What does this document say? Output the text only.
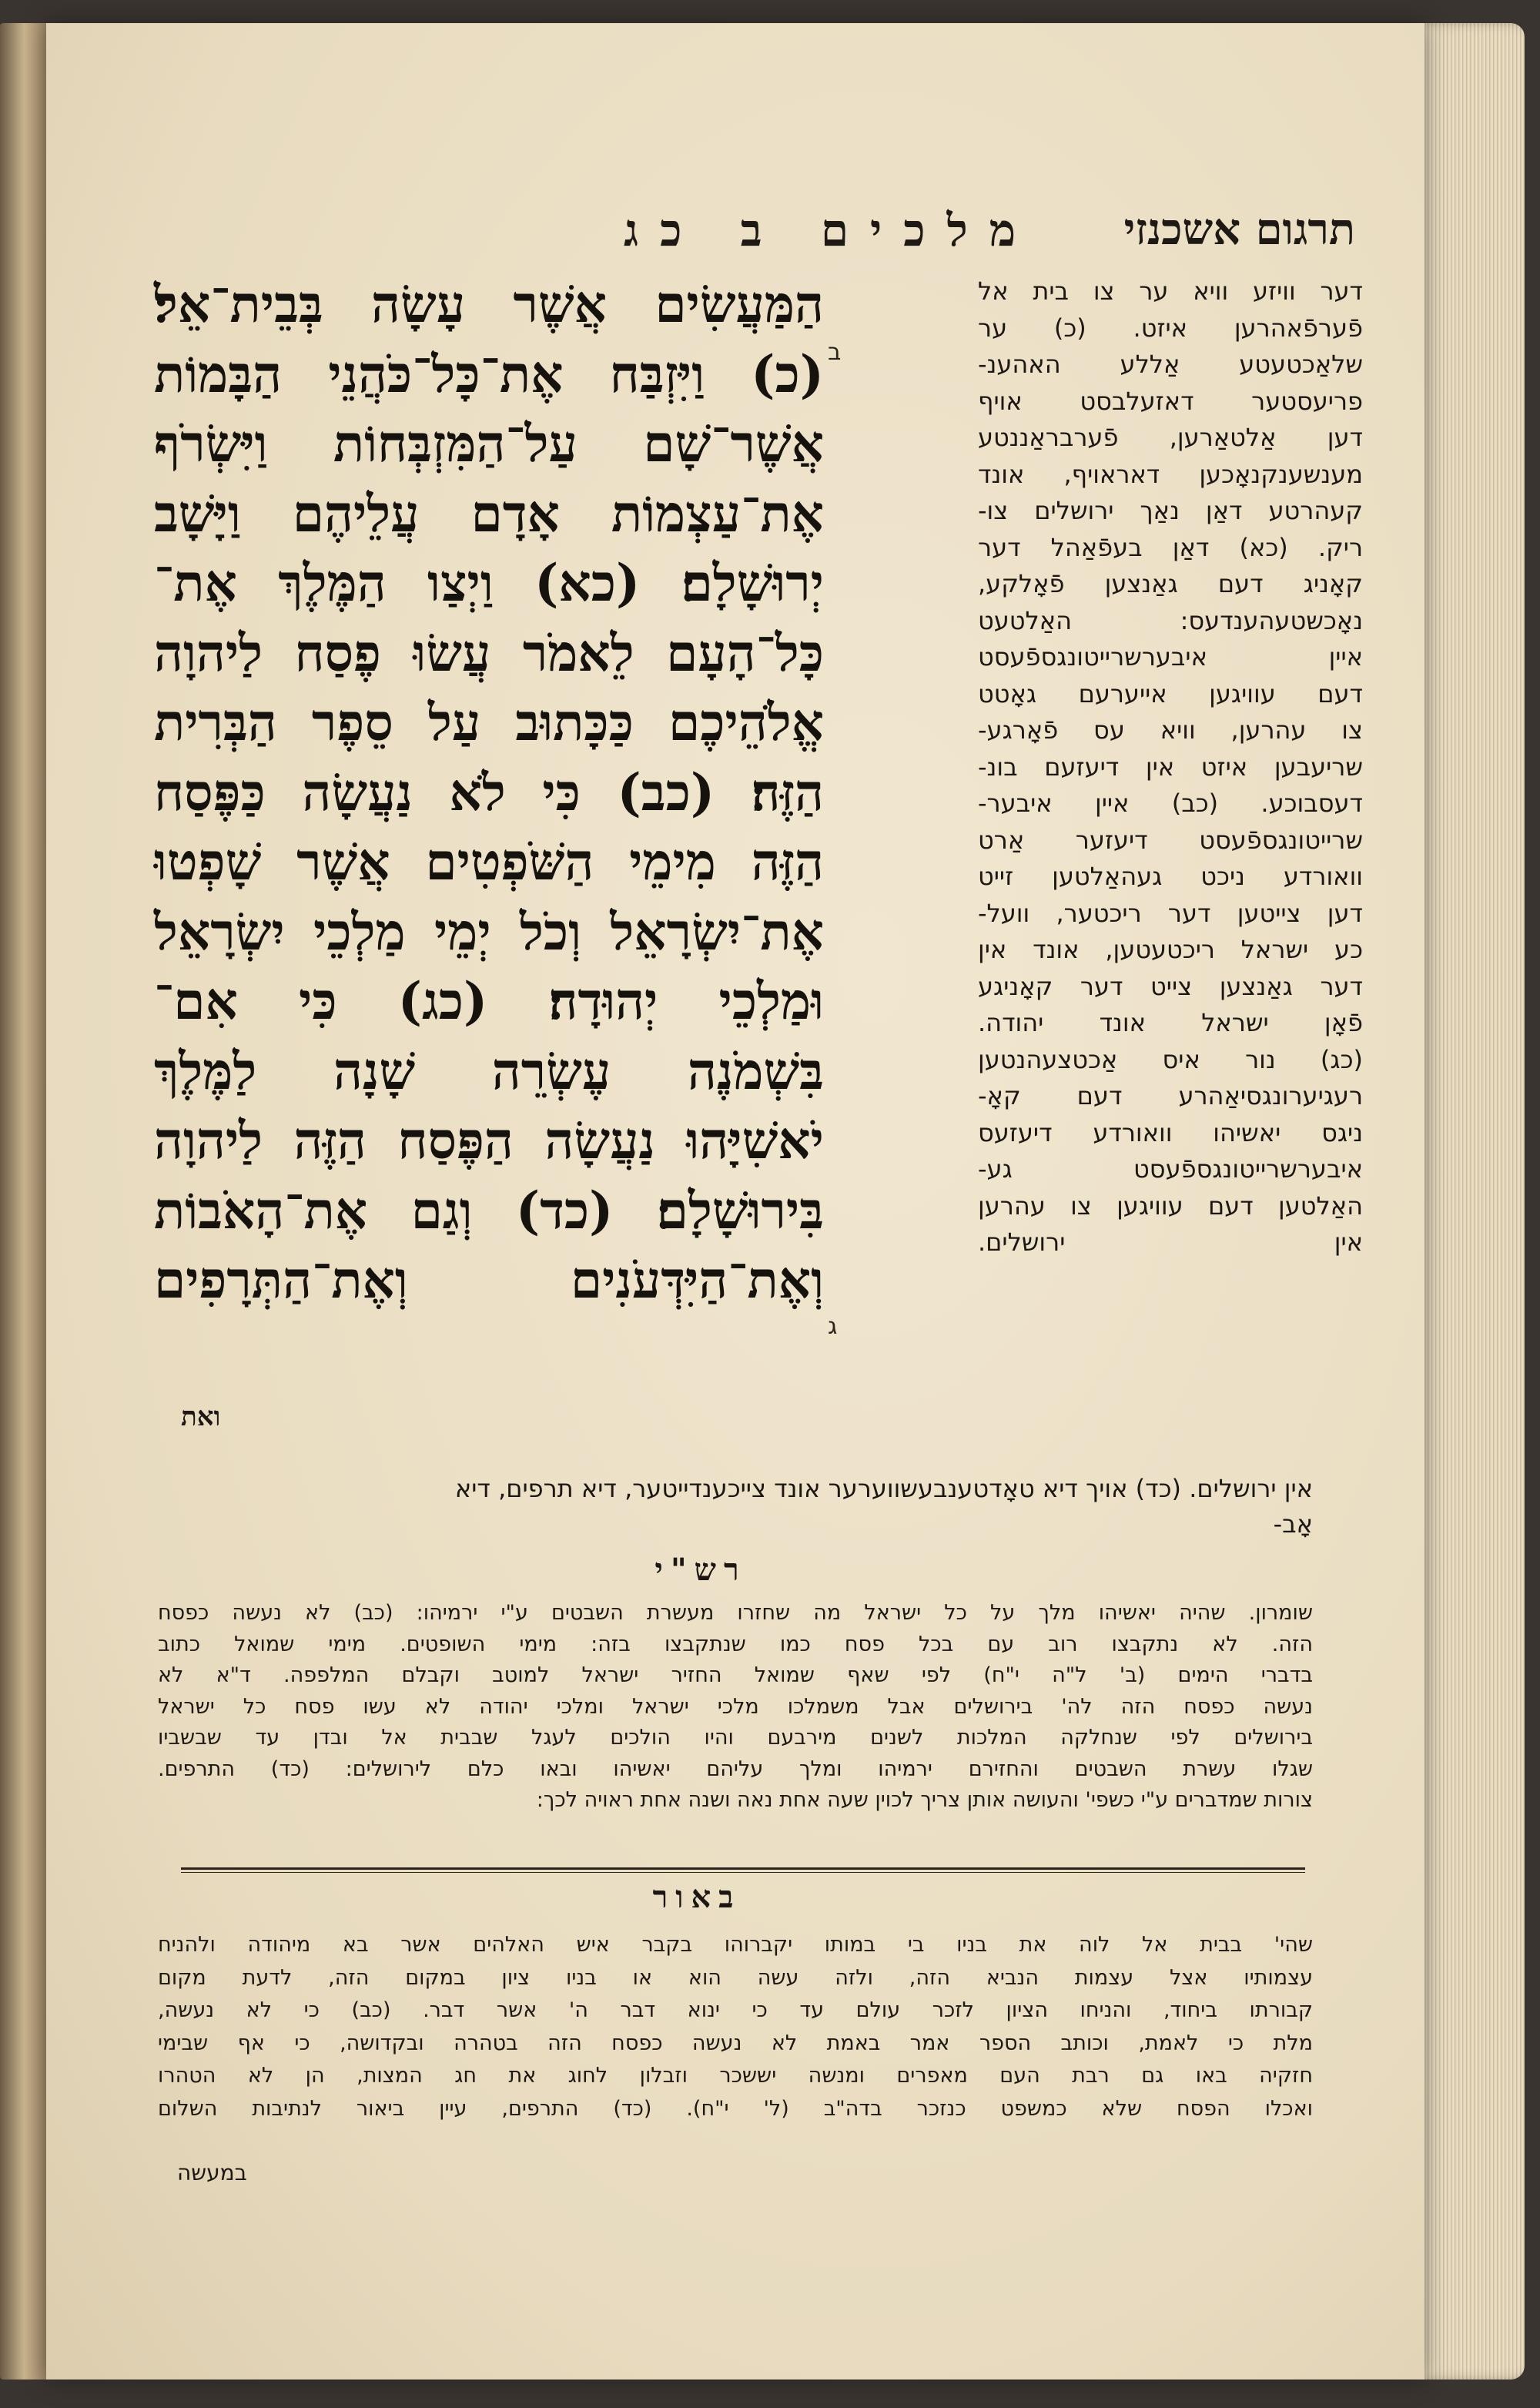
תרגום אשכנזי
מלכים ב כג
דער וויזע וויא ער צו בית אל
פֿערפֿאהרען איזט. (כ) ער
שלאַכטעטע אַללע האהענ-
פריעסטער דאזעלבסט אויף
דען אַלטאַרען, פֿערבראַננטע
מענשענקנאָכען דאראויף, אונד
קעהרטע דאַן נאַך ירושלים צו-
ריק. (כא) דאַן בעפֿאַהל דער
קאָניג דעם גאַנצען פֿאָלקע,
נאָכשטעהענדעס: האַלטעט
איין איבערשרייטונגספֿעסט
דעם עוויגען אייערעם גאָטט
צו עהרען, וויא עס פֿאָרגע-
שריעבען איזט אין דיעזעם בונ-
דעסבוכע. (כב) איין איבער-
שרייטונגספֿעסט דיעזער אַרט
וואורדע ניכט געהאַלטען זייט
דען צייטען דער ריכטער, וועל-
כע ישראל ריכטעטען, אונד אין
דער גאַנצען צייט דער קאָניגע
פֿאָן ישראל אונד יהודה.
(כג) נור איס אַכטצעהנטען
רעגיערונגסיאַהרע דעם קאָ-
ניגס יאשיהו וואורדע דיעזעס
איבערשרייטונגספֿעסט גע-
האַלטען דעם עוויגען צו עהרען
אין ירושלים.
ב
ג
הַמַּעֲשִׂים אֲשֶׁר עָשָׂה בְּבֵית־אֵל׃
(כ) וַיִּזְבַּח אֶת־כָּל־כֹּהֲנֵי הַבָּמוֹת
אֲשֶׁר־שָׁם עַל־הַמִּזְבְּחוֹת וַיִּשְׂרֹף
אֶת־עַצְמוֹת אָדָם עֲלֵיהֶם וַיָּשָׁב
יְרוּשָׁלָם׃ (כא) וַיְצַו הַמֶּלֶךְ אֶת־
כָּל־הָעָם לֵאמֹר עֲשׂוּ פֶסַח לַיהוָה
אֱלֹהֵיכֶם כַּכָּתוּב עַל סֵפֶר הַבְּרִית
הַזֶּה׃ (כב) כִּי לֹא נַעֲשָׂה כַּפֶּסַח
הַזֶּה מִימֵי הַשֹּׁפְטִים אֲשֶׁר שָׁפְטוּ
אֶת־יִשְׂרָאֵל וְכֹל יְמֵי מַלְכֵי יִשְׂרָאֵל
וּמַלְכֵי יְהוּדָה׃ (כג) כִּי אִם־
בִּשְׁמֹנֶה עֶשְׂרֵה שָׁנָה לַמֶּלֶךְ
יֹאשִׁיָּהוּ נַעֲשָׂה הַפֶּסַח הַזֶּה לַיהוָה
בִּירוּשָׁלָם׃ (כד) וְגַם אֶת־הָאֹבוֹת
וְאֶת־הַיִּדְּעֹנִים וְאֶת־הַתְּרָפִים
ואת
אין ירושלים. (כד) אויך דיא טאָדטענבעשווערער אונד צייכענדייטער, דיא תרפים, דיא
אָב-
רש"י
שומרון. שהיה יאשיהו מלך על כל ישראל מה שחזרו מעשרת השבטים ע"י ירמיהו: (כב) לא נעשה כפסח
הזה. לא נתקבצו רוב עם בכל פסח כמו שנתקבצו בזה: מימי השופטים. מימי שמואל כתוב
בדברי הימים (ב' ל"ה י"ח) לפי שאף שמואל החזיר ישראל למוטב וקבלם המלפפה. ד"א לא
נעשה כפסח הזה לה' בירושלים אבל משמלכו מלכי ישראל ומלכי יהודה לא עשו פסח כל ישראל
בירושלים לפי שנחלקה המלכות לשנים מירבעם והיו הולכים לעגל שבבית אל ובדן עד שבשביו
שגלו עשרת השבטים והחזירם ירמיהו ומלך עליהם יאשיהו ובאו כלם לירושלים: (כד) התרפים.
צורות שמדברים ע"י כשפי' והעושה אותן צריך לכוין שעה אחת נאה ושנה אחת ראויה לכך:
באור
שהי' בבית אל לוה את בניו בי במותו יקברוהו בקבר איש האלהים אשר בא מיהודה ולהניח
עצמותיו אצל עצמות הנביא הזה, ולזה עשה הוא או בניו ציון במקום הזה, לדעת מקום
קבורתו ביחוד, והניחו הציון לזכר עולם עד כי ינוא דבר ה' אשר דבר. (כב) כי לא נעשה,
מלת כי לאמת, וכותב הספר אמר באמת לא נעשה כפסח הזה בטהרה ובקדושה, כי אף שבימי
חזקיה באו גם רבת העם מאפרים ומנשה יששכר וזבלון לחוג את חג המצות, הן לא הטהרו
ואכלו הפסח שלא כמשפט כנזכר בדה"ב (ל' י"ח). (כד) התרפים, עיין ביאור לנתיבות השלום
במעשה
